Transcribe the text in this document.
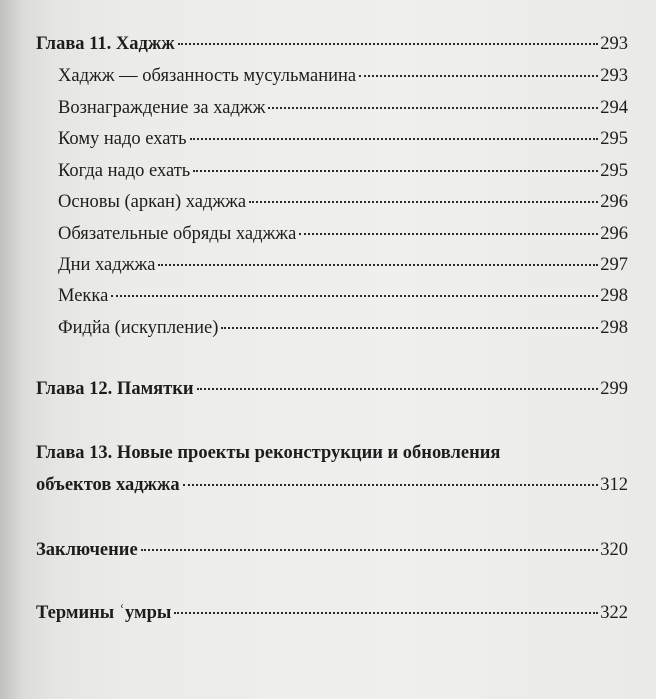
Глава 11. Хаджж	293
Хаджж — обязанность мусульманина	293
Вознаграждение за хаджж	294
Кому надо ехать	295
Когда надо ехать	295
Основы (аркан) хаджжа	296
Обязательные обряды хаджжа	296
Дни хаджжа	297
Мекка	298
Фидйа (искупление)	298
Глава 12. Памятки	299
Глава 13. Новые проекты реконструкции и обновления
объектов хаджжа	312
Заключение	320
Термины ʿумры	322
